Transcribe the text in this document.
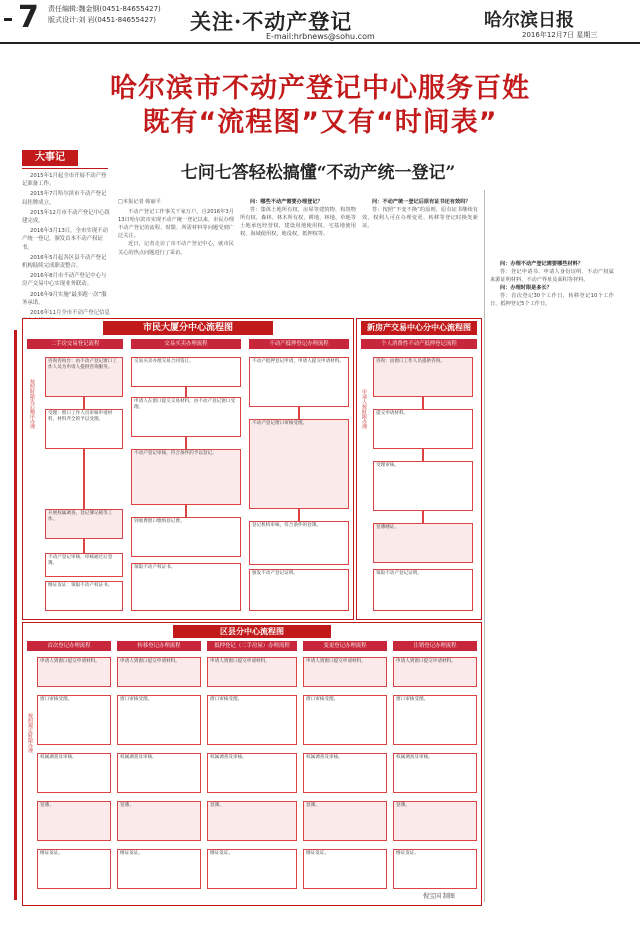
7 责任编辑:魏金钢(0451-84655427)
版式设计:刘 岩(0451-84655427) 关注·不动产登记
E-mail:hrbnews@sohu.com
哈尔滨日报
2016年12月7日 星期三
哈尔滨市不动产登记中心服务百姓
既有“流程图”又有“时间表”
大事记

2015年1月起全市开展不动产登记准备工作。

2015年7月哈尔滨市不动产登记局挂牌成立。

2015年12月市不动产登记中心组建完成。

2016年3月13日，全市实现不动产统一登记，颁发首本不动产权证书。

2016年5月起各区县不动产登记机构陆续完成职责整合。

2016年8月市不动产登记中心与房产交易中心实现业务联动。

2016年9月实施“最多跑一次”服务承诺。

2016年11月全市不动产登记信息

七问七答轻松搞懂“不动产统一登记”
□本报记者 韩丽平

不动产登记工作事关千家万户。自2016年3月13日哈尔滨市实现不动产统一登记以来，市民办理不动产登记的流程、时限、所需材料等问题受到广泛关注。

近日，记者走访了市不动产登记中心，就市民关心的热点问题进行了采访。

问：哪些不动产需要办理登记？

答：集体土地所有权，房屋等建筑物、构筑物所有权，森林、林木所有权，耕地、林地、草地等土地承包经营权，建设用地使用权，宅基地使用权，海域使用权，地役权，抵押权等。

问：不动产统一登记后原有证书还有效吗？

答：按照“不变不换”的原则，原有证书继续有效，权利人可在办理变更、转移等登记时换发新证。

问：办理不动产登记需要哪些材料？

答：登记申请书、申请人身份证明、不动产权属来源证明材料、不动产界址及面积等材料。

问：办理时限是多长？

答：首次登记30个工作日，转移登记10个工作日，抵押登记5个工作日。

市民大厦分中心流程图
二手房交易登记流程	交易买卖办理流程	不动产抵押登记办理流程
按照时限先后顺序办理
咨询咨询台：由不动产登记窗口工作人员为申请人提供咨询服务。
受理：窗口工作人员审核申请材料，材料齐全的予以受理。
开展权属调查、登记簿记载等工作。
不动产登记审核，审核通过后登簿。
缮证发证：领取不动产权证书。
交易买卖办理交易合同签订。
申请人在窗口提交交易材料，由不动产登记窗口受理。
不动产登记审核，符合条件的予以登记。
到收费窗口缴纳登记费。
领取不动产权证书。
不动产抵押登记申请，申请人提交申请材料。
不动产登记窗口审核受理。
登记机构审核，符合条件的登簿。
颁发不动产登记证明。
新房产交易中心分中心流程图
个人消费性不动产抵押登记流程
申请人按时限办理
咨询：由窗口工作人员提供咨询。
提交申请材料。
受理审核。
登簿缮证。
领取不动产登记证明。
区县分中心流程图
首次登记办理流程	转移登记办理流程	抵押登记（二手房屋）办理流程	变更登记办理流程	注销登记办理流程
按照规定时限办理
申请人到窗口提交申请材料。
窗口审核受理。
权属调查及审核。
登簿。
缮证发证。
申请人到窗口提交申请材料。
窗口审核受理。
权属调查及审核。
登簿。
缮证发证。
申请人到窗口提交申请材料。
窗口审核受理。
权属调查及审核。
登簿。
缮证发证。
申请人到窗口提交申请材料。
窗口审核受理。
权属调查及审核。
登簿。
缮证发证。
申请人到窗口提交申请材料。
窗口审核受理。
权属调查及审核。
登簿。
缮证发证。
倪宝国 制图
